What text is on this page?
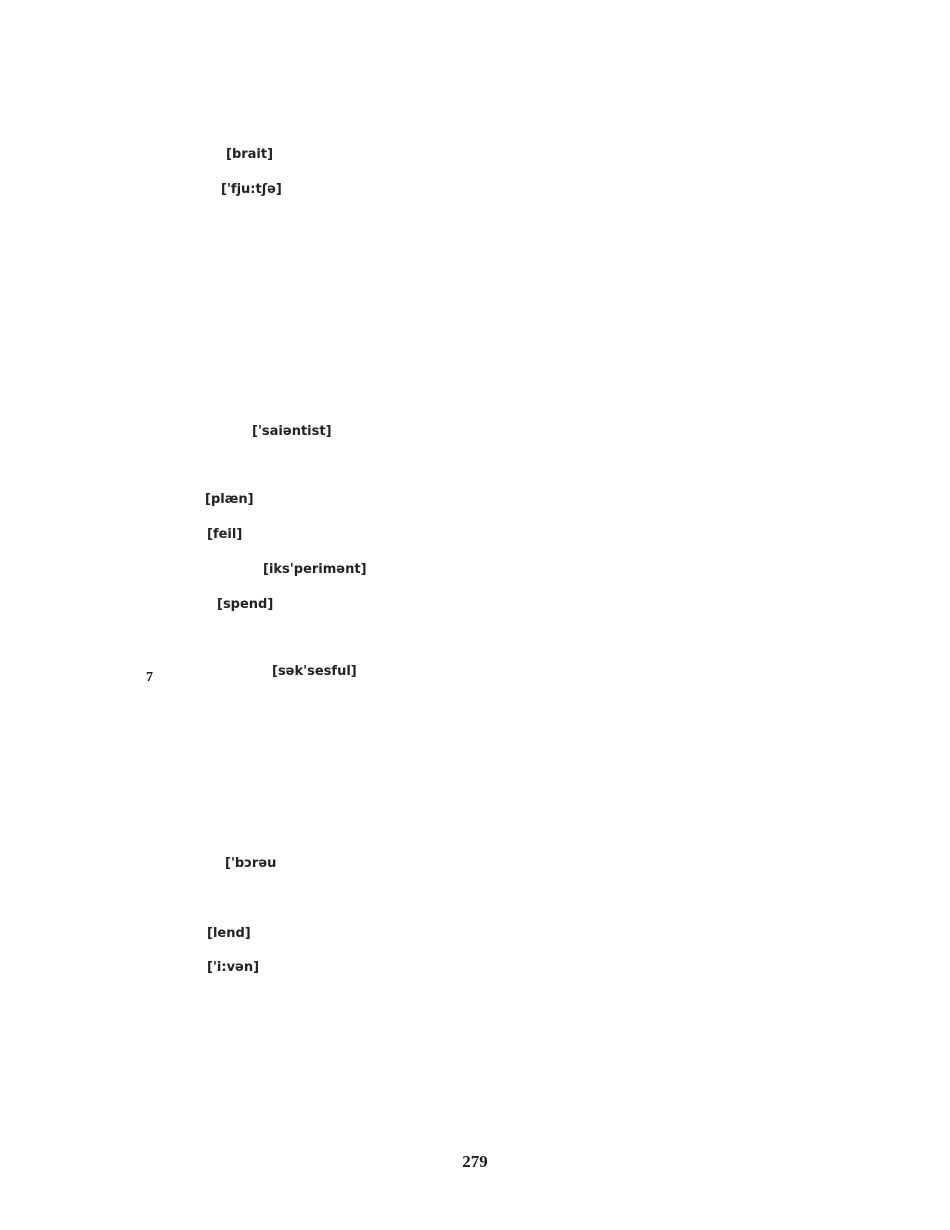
[brait]

['fju:tʃə]

['saiəntist]

[plæn]

[feil]

[iks'perimənt]

[spend]

7	[sək'sesful]

['bɔrəu

[lend]

['i:vən]
279
